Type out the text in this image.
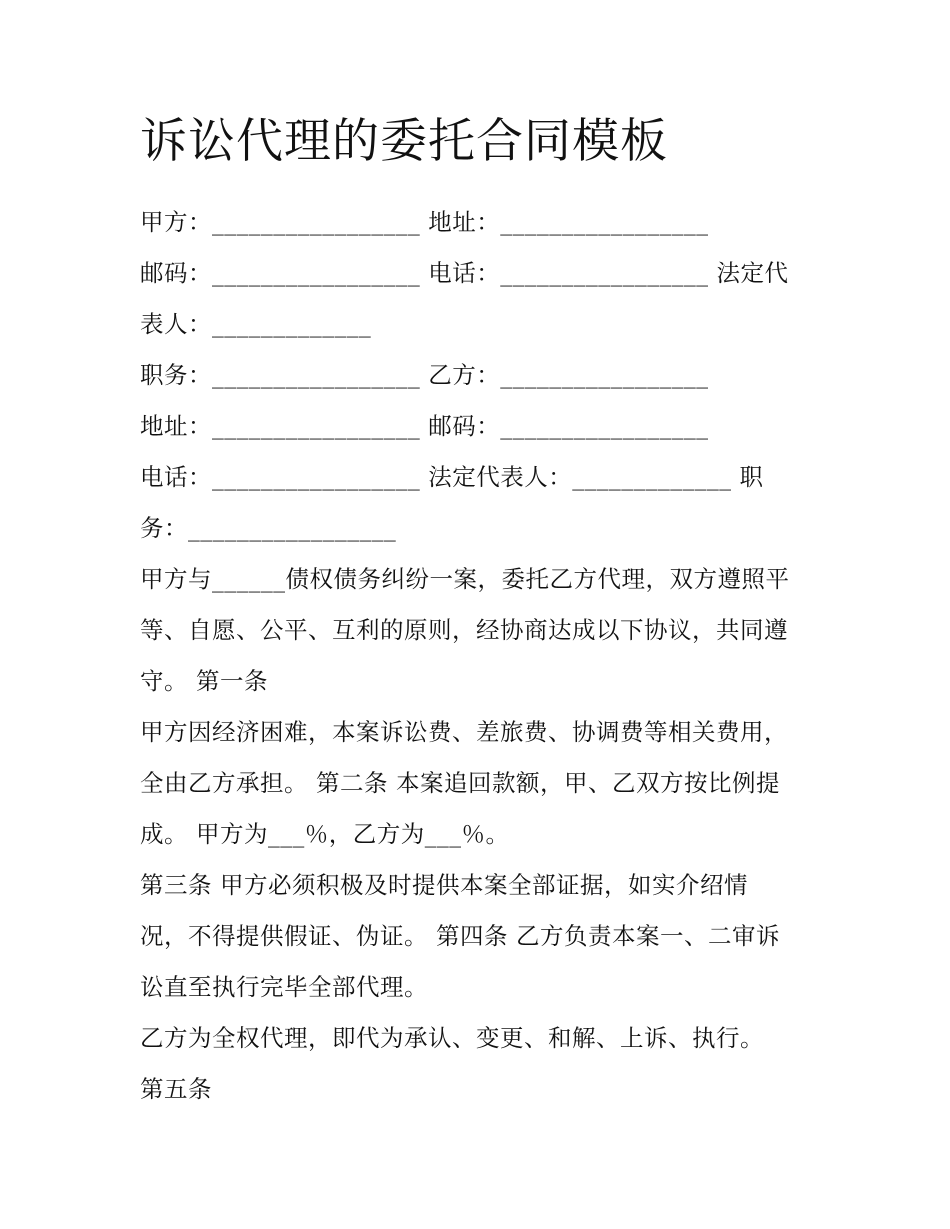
诉讼代理的委托合同模板
甲方：_________________ 地址：_________________
邮码：_________________ 电话：_________________ 法定代
表人：_____________
职务：_________________ 乙方：_________________
地址：_________________ 邮码：_________________
电话：_________________ 法定代表人：_____________ 职
务：_________________
甲方与______债权债务纠纷一案，委托乙方代理，双方遵照平
等、自愿、公平、互利的原则，经协商达成以下协议，共同遵
守。 第一条
甲方因经济困难，本案诉讼费、差旅费、协调费等相关费用，
全由乙方承担。 第二条 本案追回款额，甲、乙双方按比例提
成。 甲方为___％，乙方为___％。
第三条 甲方必须积极及时提供本案全部证据，如实介绍情
况，不得提供假证、伪证。 第四条 乙方负责本案一、二审诉
讼直至执行完毕全部代理。
乙方为全权代理，即代为承认、变更、和解、上诉、执行。
第五条
